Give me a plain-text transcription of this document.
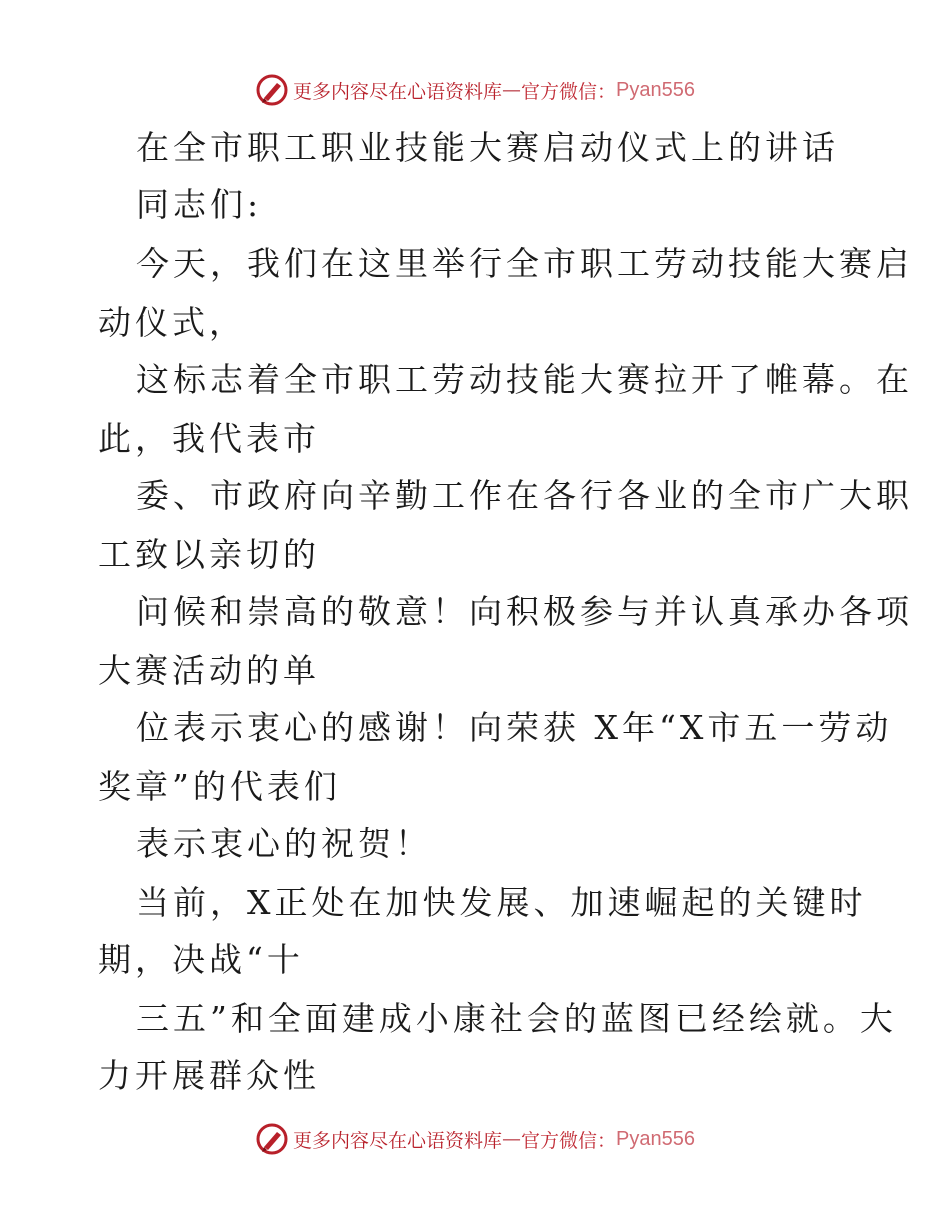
更多内容尽在心语资料库 — 官方微信： Pyan556
在全市职工职业技能大赛启动仪式上的讲话
同志们:
今天，我们在这里举行全市职工劳动技能大赛启
动仪式，
这标志着全市职工劳动技能大赛拉开了帷幕。在
此，我代表市
委、市政府向辛勤工作在各行各业的全市广大职
工致以亲切的
问候和崇高的敬意！向积极参与并认真承办各项
大赛活动的单
位表示衷心的感谢！向荣获 X年“X市五一劳动
奖章”的代表们
表示衷心的祝贺！
当前，X正处在加快发展、加速崛起的关键时
期，决战“十
三五”和全面建成小康社会的蓝图已经绘就。大
力开展群众性
更多内容尽在心语资料库 — 官方微信： Pyan556
